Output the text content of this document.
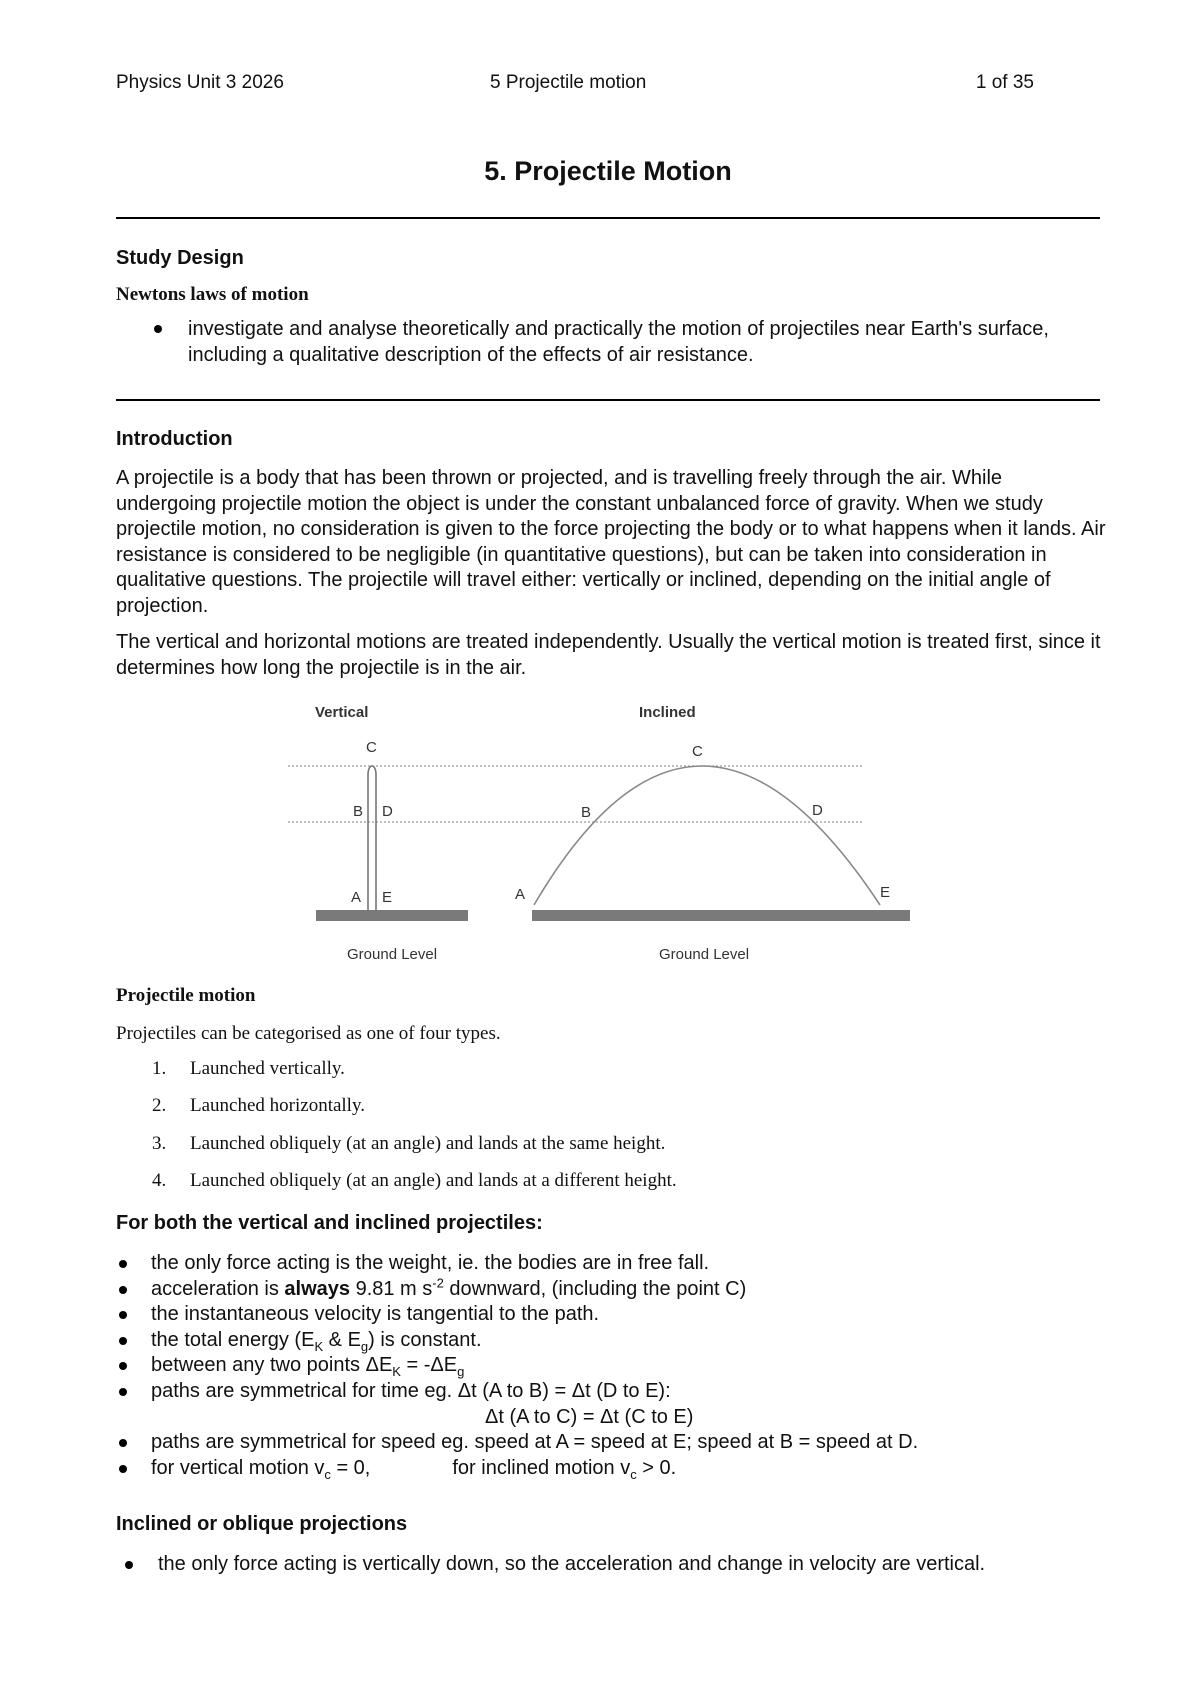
Physics Unit 3 2026	5 Projectile motion	1 of 35
5. Projectile Motion
Study Design
Newtons laws of motion
investigate and analyse theoretically and practically the motion of projectiles near Earth's surface, including a qualitative description of the effects of air resistance.
Introduction

A projectile is a body that has been thrown or projected, and is travelling freely through the air. While undergoing projectile motion the object is under the constant unbalanced force of gravity. When we study projectile motion, no consideration is given to the force projecting the body or to what happens when it lands. Air resistance is considered to be negligible (in quantitative questions), but can be taken into consideration in qualitative questions. The projectile will travel either: vertically or inclined, depending on the initial angle of projection.

The vertical and horizontal motions are treated independently. Usually the vertical motion is treated first, since it determines how long the projectile is in the air.

Vertical	Inclined
C
B D
A E
C
B	D
A	E
Ground Level	Ground Level
Projectile motion
Projectiles can be categorised as one of four types.
1. Launched vertically.
2. Launched horizontally.
3. Launched obliquely (at an angle) and lands at the same height.
4. Launched obliquely (at an angle) and lands at a different height.
For both the vertical and inclined projectiles:
the only force acting is the weight, ie. the bodies are in free fall.
acceleration is always 9.81 m $s^{-2}$ downward, (including the point C)
the instantaneous velocity is tangential to the path.
the total energy ($E_K$ & $E_g$) is constant.
between any two points $\Delta E_K = -\Delta E_g$
paths are symmetrical for time eg. Δt (A to B) = Δt (D to E):
Δt (A to C) = Δt (C to E)
paths are symmetrical for speed eg. speed at A = speed at E; speed at B = speed at D.
for vertical motion $v_c = 0$,	for inclined motion $v_c > 0$.
Inclined or oblique projections
the only force acting is vertically down, so the acceleration and change in velocity are vertical.
